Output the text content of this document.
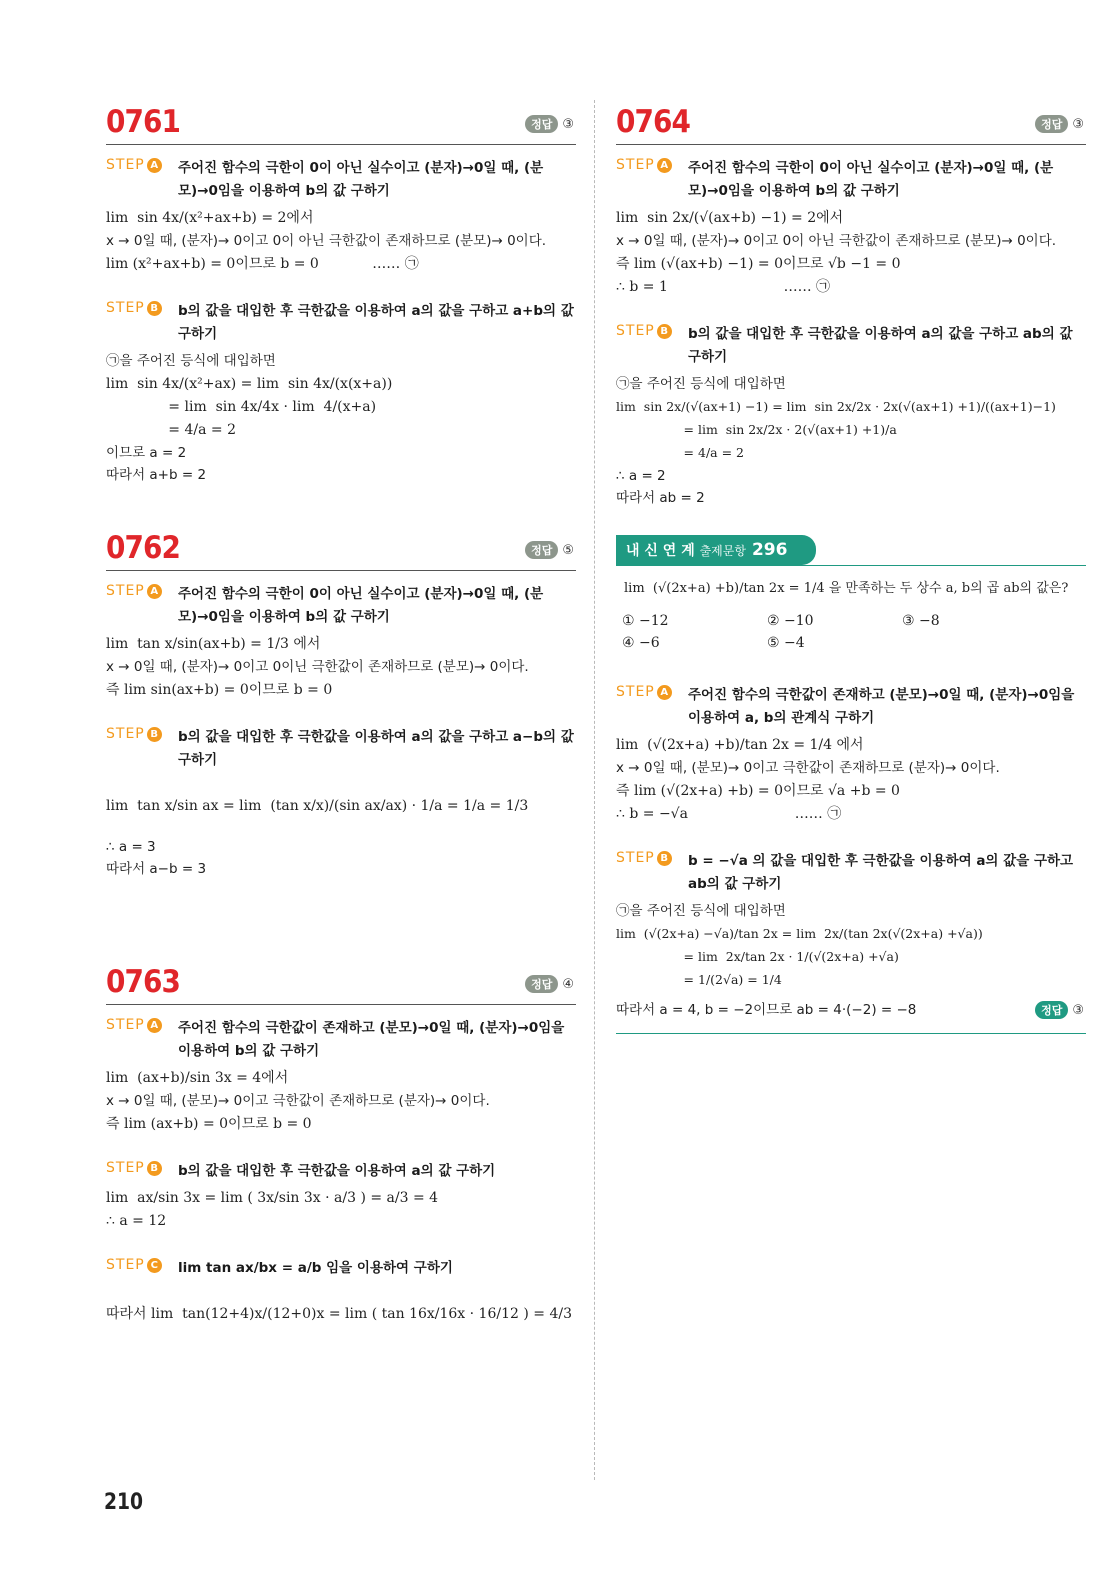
0761	정답 ③
STEP A	주어진 함수의 극한이 0이 아닌 실수이고 (분자)→0일 때, (분모)→0임을 이용하여 b의 값 구하기
lim  sin 4x/(x²+ax+b) = 2에서
x → 0일 때, (분자)→ 0이고 0이 아닌 극한값이 존재하므로 (분모)→ 0이다.
lim (x²+ax+b) = 0이므로 b = 0            …… ㉠
STEP B	b의 값을 대입한 후 극한값을 이용하여 a의 값을 구하고 a+b의 값 구하기
㉠을 주어진 등식에 대입하면
lim  sin 4x/(x²+ax) = lim  sin 4x/(x(x+a))
= lim  sin 4x/4x · lim  4/(x+a)
= 4/a = 2
이므로 a = 2
따라서 a+b = 2
0762	정답 ⑤
STEP A	주어진 함수의 극한이 0이 아닌 실수이고 (분자)→0일 때, (분모)→0임을 이용하여 b의 값 구하기
lim  tan x/sin(ax+b) = 1/3 에서
x → 0일 때, (분자)→ 0이고 0이닌 극한값이 존재하므로 (분모)→ 0이다.
즉 lim sin(ax+b) = 0이므로 b = 0
STEP B	b의 값을 대입한 후 극한값을 이용하여 a의 값을 구하고 a−b의 값 구하기
lim  tan x/sin ax = lim  (tan x/x)/(sin ax/ax) · 1/a = 1/a = 1/3
∴ a = 3
따라서 a−b = 3
0763	정답 ④
STEP A	주어진 함수의 극한값이 존재하고 (분모)→0일 때, (분자)→0임을 이용하여 b의 값 구하기
lim  (ax+b)/sin 3x = 4에서
x → 0일 때, (분모)→ 0이고 극한값이 존재하므로 (분자)→ 0이다.
즉 lim (ax+b) = 0이므로 b = 0
STEP B	b의 값을 대입한 후 극한값을 이용하여 a의 값 구하기
lim  ax/sin 3x = lim ( 3x/sin 3x · a/3 ) = a/3 = 4
∴ a = 12
STEP C	lim tan ax/bx = a/b 임을 이용하여 구하기
따라서 lim  tan(12+4)x/(12+0)x = lim ( tan 16x/16x · 16/12 ) = 4/3
0764	정답 ③
STEP A	주어진 함수의 극한이 0이 아닌 실수이고 (분자)→0일 때, (분모)→0임을 이용하여 b의 값 구하기
lim  sin 2x/(√(ax+b) −1) = 2에서
x → 0일 때, (분자)→ 0이고 0이 아닌 극한값이 존재하므로 (분모)→ 0이다.
즉 lim (√(ax+b) −1) = 0이므로 √b −1 = 0
∴ b = 1                          …… ㉠
STEP B	b의 값을 대입한 후 극한값을 이용하여 a의 값을 구하고 ab의 값 구하기
㉠을 주어진 등식에 대입하면
lim  sin 2x/(√(ax+1) −1) = lim  sin 2x/2x · 2x(√(ax+1) +1)/((ax+1)−1)
= lim  sin 2x/2x · 2(√(ax+1) +1)/a
= 4/a = 2
∴ a = 2
따라서 ab = 2
내 신 연 계 출제문항 296
lim  (√(2x+a) +b)/tan 2x = 1/4 을 만족하는 두 상수 a, b의 곱 ab의 값은?
① −12	② −10	③ −8
④ −6	⑤ −4
STEP A	주어진 함수의 극한값이 존재하고 (분모)→0일 때, (분자)→0임을 이용하여 a, b의 관계식 구하기
lim  (√(2x+a) +b)/tan 2x = 1/4 에서
x → 0일 때, (분모)→ 0이고 극한값이 존재하므로 (분자)→ 0이다.
즉 lim (√(2x+a) +b) = 0이므로 √a +b = 0
∴ b = −√a                        …… ㉠
STEP B	b = −√a 의 값을 대입한 후 극한값을 이용하여 a의 값을 구하고 ab의 값 구하기
㉠을 주어진 등식에 대입하면
lim  (√(2x+a) −√a)/tan 2x = lim  2x/(tan 2x(√(2x+a) +√a))
= lim  2x/tan 2x · 1/(√(2x+a) +√a)
= 1/(2√a) = 1/4
따라서 a = 4, b = −2이므로 ab = 4·(−2) = −8	정답 ③
210
